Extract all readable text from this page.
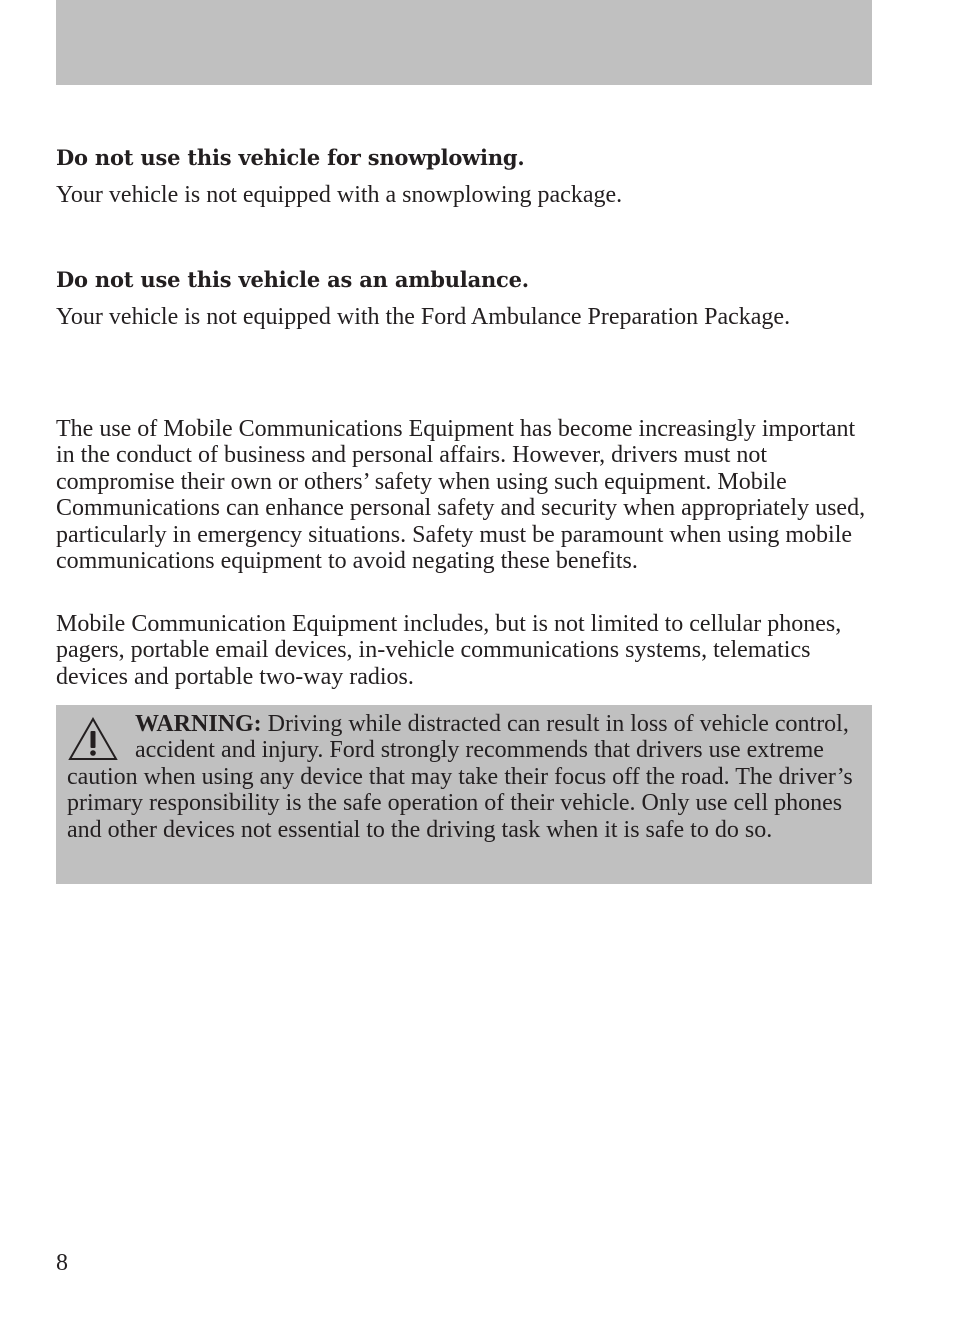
Do not use this vehicle for snowplowing.

Your vehicle is not equipped with a snowplowing package.

Do not use this vehicle as an ambulance.

Your vehicle is not equipped with the Ford Ambulance Preparation Package.

The use of Mobile Communications Equipment has become increasingly important in the conduct of business and personal affairs. However, drivers must not compromise their own or others’ safety when using such equipment. Mobile Communications can enhance personal safety and security when appropriately used, particularly in emergency situations. Safety must be paramount when using mobile communications equipment to avoid negating these benefits.

Mobile Communication Equipment includes, but is not limited to cellular phones, pagers, portable email devices, in-vehicle communications systems, telematics devices and portable two-way radios.

WARNING: Driving while distracted can result in loss of vehicle control, accident and injury. Ford strongly recommends that drivers use extreme caution when using any device that may take their focus off the road. The driver’s primary responsibility is the safe operation of their vehicle. Only use cell phones and other devices not essential to the driving task when it is safe to do so.

8
